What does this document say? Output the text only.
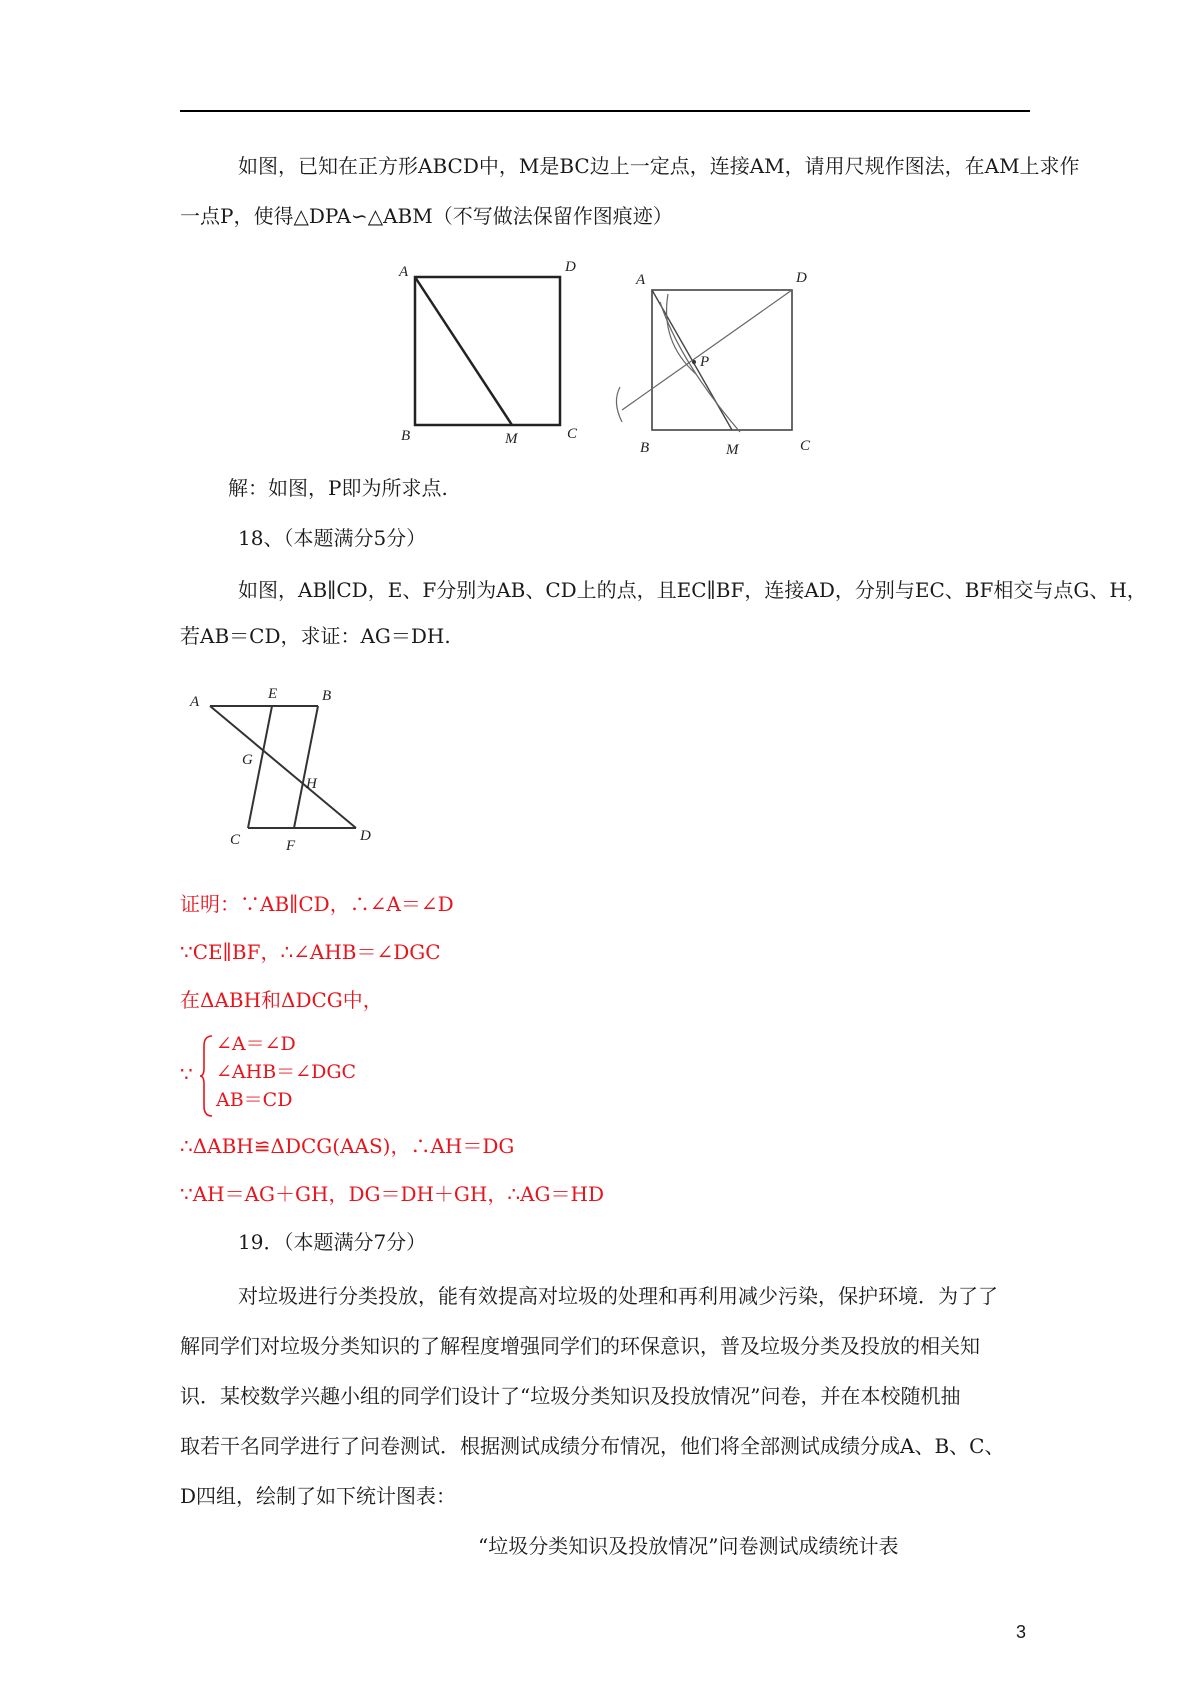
如图，已知在正方形ABCD中，M是BC边上一定点，连接AM，请用尺规作图法，在AM上求作
一点P，使得△DPA∽△ABM（不写做法保留作图痕迹）
A	D
B	M	C
A	D
P
B	M	C
解：如图，P即为所求点.
18、（本题满分5分）
如图，AB∥CD，E、F分别为AB、CD上的点，且EC∥BF，连接AD，分别与EC、BF相交与点G、H，
若AB＝CD，求证：AG＝DH.
A	E	B
G
H
C	F
D
证明：∵AB∥CD，∴∠A＝∠D
∵CE∥BF，∴∠AHB＝∠DGC
在ΔABH和ΔDCG中，
∵
∠A＝∠D
∠AHB＝∠DGC
AB＝CD
∴ΔABH≌ΔDCG(AAS)，∴AH＝DG
∵AH＝AG＋GH，DG＝DH＋GH，∴AG＝HD
19．（本题满分7分）
对垃圾进行分类投放，能有效提高对垃圾的处理和再利用减少污染，保护环境．为了了
解同学们对垃圾分类知识的了解程度增强同学们的环保意识，普及垃圾分类及投放的相关知
识．某校数学兴趣小组的同学们设计了“垃圾分类知识及投放情况”问卷，并在本校随机抽
取若干名同学进行了问卷测试．根据测试成绩分布情况，他们将全部测试成绩分成A、B、C、
D四组，绘制了如下统计图表：
“垃圾分类知识及投放情况”问卷测试成绩统计表
3
